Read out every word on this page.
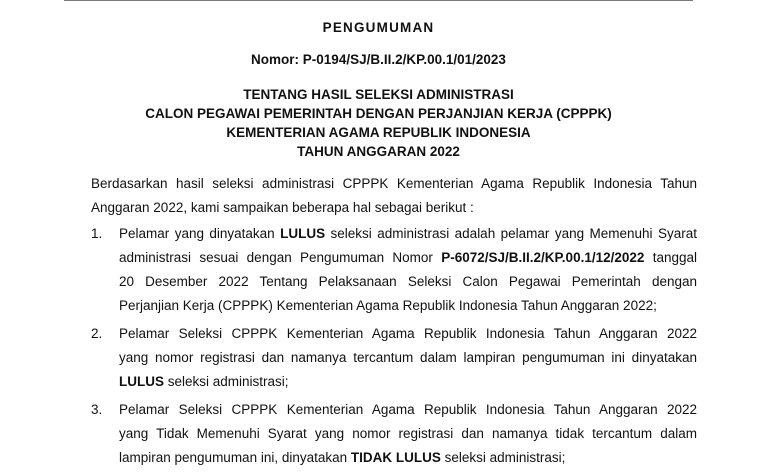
PENGUMUMAN
Nomor: P-0194/SJ/B.II.2/KP.00.1/01/2023
TENTANG HASIL SELEKSI ADMINISTRASI
CALON PEGAWAI PEMERINTAH DENGAN PERJANJIAN KERJA (CPPPK)
KEMENTERIAN AGAMA REPUBLIK INDONESIA
TAHUN ANGGARAN 2022
Berdasarkan hasil seleksi administrasi CPPPK Kementerian Agama Republik Indonesia Tahun
Anggaran 2022, kami sampaikan beberapa hal sebagai berikut :
1. Pelamar yang dinyatakan LULUS seleksi administrasi adalah pelamar yang Memenuhi Syarat
administrasi sesuai dengan Pengumuman Nomor P-6072/SJ/B.II.2/KP.00.1/12/2022 tanggal
20 Desember 2022 Tentang Pelaksanaan Seleksi Calon Pegawai Pemerintah dengan
Perjanjian Kerja (CPPPK) Kementerian Agama Republik Indonesia Tahun Anggaran 2022;
2. Pelamar Seleksi CPPPK Kementerian Agama Republik Indonesia Tahun Anggaran 2022
yang nomor registrasi dan namanya tercantum dalam lampiran pengumuman ini dinyatakan
LULUS seleksi administrasi;
3. Pelamar Seleksi CPPPK Kementerian Agama Republik Indonesia Tahun Anggaran 2022
yang Tidak Memenuhi Syarat yang nomor registrasi dan namanya tidak tercantum dalam
lampiran pengumuman ini, dinyatakan TIDAK LULUS seleksi administrasi;
